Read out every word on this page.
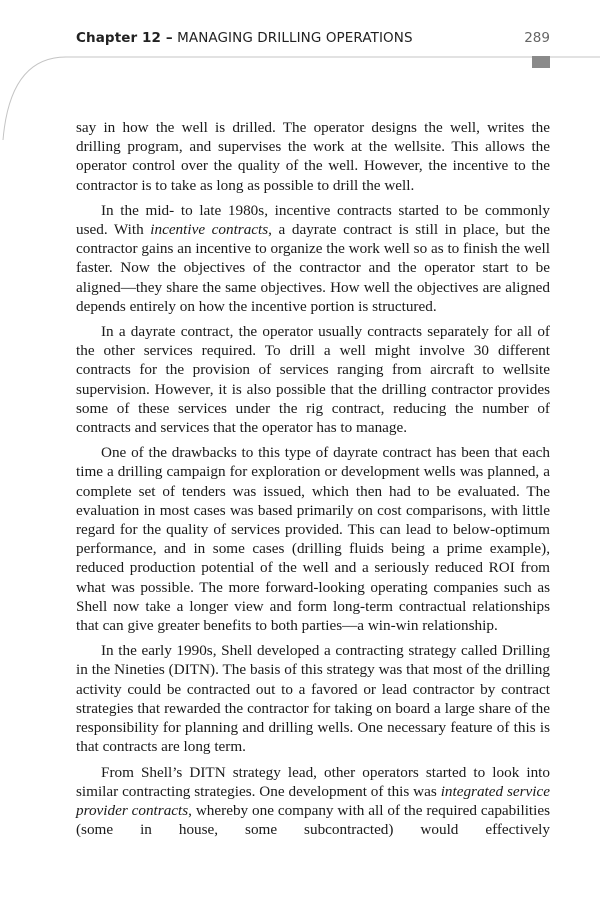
Chapter 12 – MANAGING DRILLING OPERATIONS	289

say in how the well is drilled. The operator designs the well, writes the drilling program, and supervises the work at the wellsite. This allows the operator control over the quality of the well. However, the incentive to the contractor is to take as long as possible to drill the well.

In the mid- to late 1980s, incentive contracts started to be commonly used. With incentive contracts, a dayrate contract is still in place, but the contractor gains an incentive to organize the work well so as to finish the well faster. Now the objectives of the contractor and the operator start to be aligned—they share the same objectives. How well the objectives are aligned depends entirely on how the incentive portion is structured.

In a dayrate contract, the operator usually contracts separately for all of the other services required. To drill a well might involve 30 different contracts for the provision of services ranging from aircraft to wellsite supervision. However, it is also possible that the drilling contractor provides some of these services under the rig contract, reducing the number of contracts and services that the operator has to manage.

One of the drawbacks to this type of dayrate contract has been that each time a drilling campaign for exploration or development wells was planned, a complete set of tenders was issued, which then had to be evaluated. The evaluation in most cases was based primarily on cost comparisons, with little regard for the quality of services provided. This can lead to below-optimum performance, and in some cases (drilling fluids being a prime example), reduced production potential of the well and a seriously reduced ROI from what was possible. The more forward-looking operating companies such as Shell now take a longer view and form long-term contractual relationships that can give greater benefits to both parties—a win-win relationship.

In the early 1990s, Shell developed a contracting strategy called Drilling in the Nineties (DITN). The basis of this strategy was that most of the drilling activity could be contracted out to a favored or lead contractor by contract strategies that rewarded the contractor for taking on board a large share of the responsibility for planning and drilling wells. One necessary feature of this is that contracts are long term.

From Shell’s DITN strategy lead, other operators started to look into similar contracting strategies. One development of this was integrated service provider contracts, whereby one company with all of the required capabilities (some in house, some subcontracted) would effectively
